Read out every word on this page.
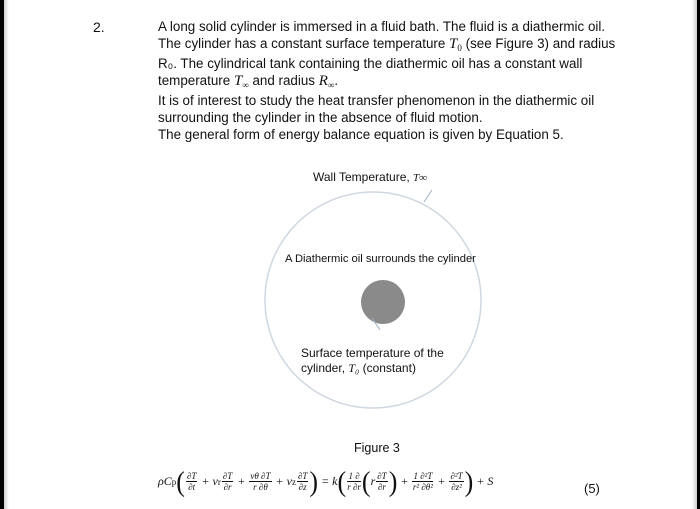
2.	A long solid cylinder is immersed in a fluid bath. The fluid is a diathermic oil.

The cylinder has a constant surface temperature $T_0$ (see Figure 3) and radius R₀. The cylindrical tank containing the diathermic oil has a constant wall temperature $T_\infty$ and radius $R_\infty$.

It is of interest to study the heat transfer phenomenon in the diathermic oil surrounding the cylinder in the absence of fluid motion.

The general form of energy balance equation is given by Equation 5.

Wall Temperature, T∞
A Diathermic oil surrounds the cylinder
Surface temperature of the
cylinder, T₀ (constant)
Figure 3
ρC p ( $\frac{\partial T}{\partial t} + v$ r $\frac{\partial T}{\partial r} + \frac{v\theta \partial T}{r \partial\theta} + v$ z $\frac{\partial T}{\partial z}$ )
= k ( $\frac{1 \partial}{r \partial r}$ ( r $\frac{\partial T}{\partial r}$ ) + $\frac{\text{1 ∂²T}}{\text{r² ∂θ²}} + \frac{\text{∂²T}}{\text{∂z²}}$ )
+ S	(5)
